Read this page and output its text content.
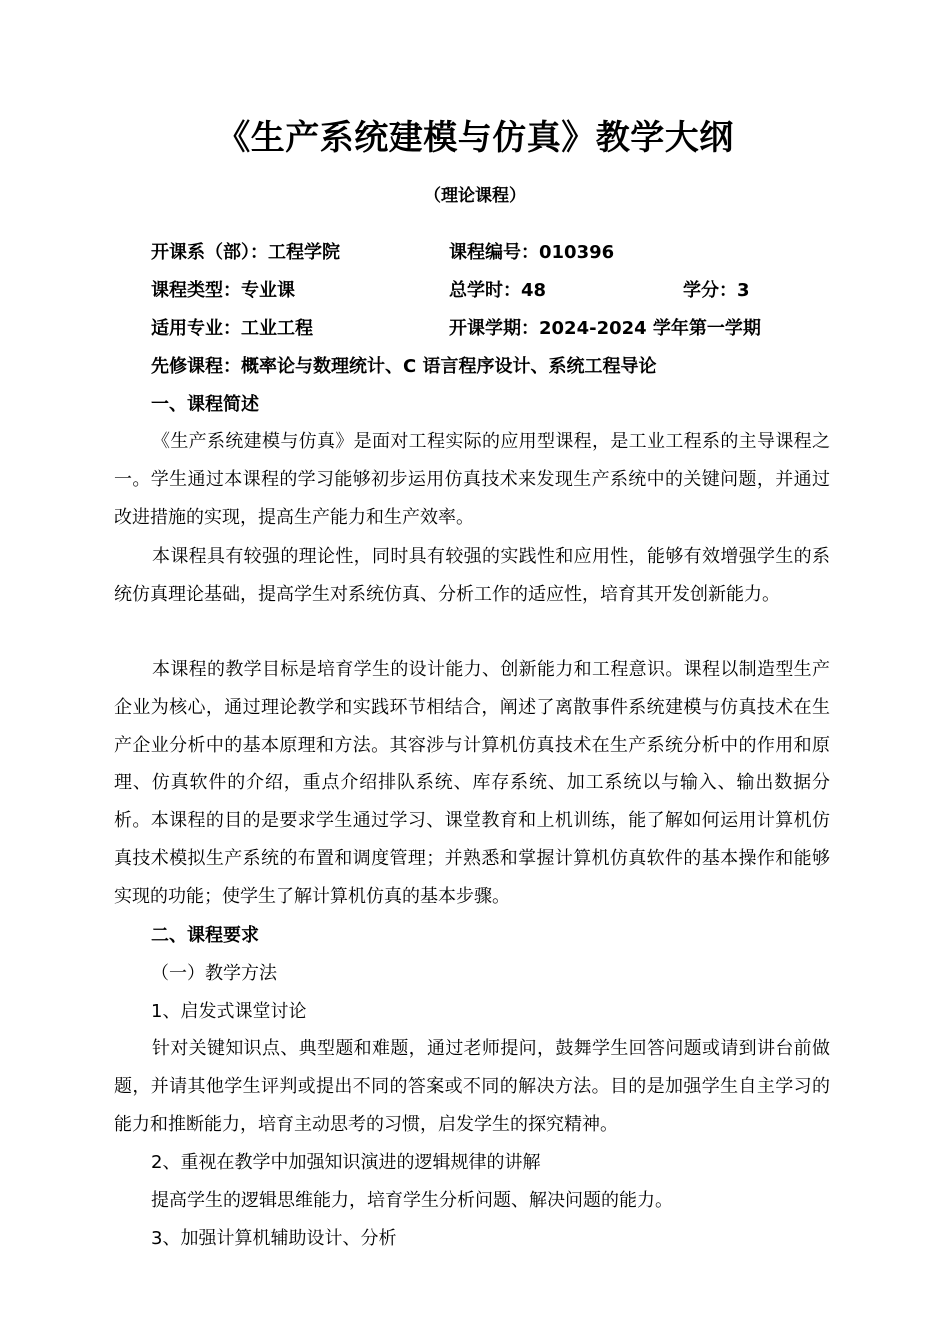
《生产系统建模与仿真》教学大纲
（理论课程）
开课系（部）：工程学院	课程编号：010396
课程类型：专业课	总学时：48	学分：3
适用专业：工业工程	开课学期：2024-2024 学年第一学期
先修课程：概率论与数理统计、C 语言程序设计、系统工程导论
一、课程简述

《生产系统建模与仿真》是面对工程实际的应用型课程，是工业工程系的主导课程之一。学生通过本课程的学习能够初步运用仿真技术来发现生产系统中的关键问题，并通过改进措施的实现，提高生产能力和生产效率。

本课程具有较强的理论性，同时具有较强的实践性和应用性，能够有效增强学生的系统仿真理论基础，提高学生对系统仿真、分析工作的适应性，培育其开发创新能力。

本课程的教学目标是培育学生的设计能力、创新能力和工程意识。课程以制造型生产企业为核心，通过理论教学和实践环节相结合，阐述了离散事件系统建模与仿真技术在生产企业分析中的基本原理和方法。其容涉与计算机仿真技术在生产系统分析中的作用和原理、仿真软件的介绍，重点介绍排队系统、库存系统、加工系统以与输入、输出数据分析。本课程的目的是要求学生通过学习、课堂教育和上机训练，能了解如何运用计算机仿真技术模拟生产系统的布置和调度管理；并熟悉和掌握计算机仿真软件的基本操作和能够实现的功能；使学生了解计算机仿真的基本步骤。

二、课程要求
（一）教学方法
1、启发式课堂讨论

针对关键知识点、典型题和难题，通过老师提问，鼓舞学生回答问题或请到讲台前做题，并请其他学生评判或提出不同的答案或不同的解决方法。目的是加强学生自主学习的能力和推断能力，培育主动思考的习惯，启发学生的探究精神。

2、重视在教学中加强知识演进的逻辑规律的讲解
提高学生的逻辑思维能力，培育学生分析问题、解决问题的能力。
3、加强计算机辅助设计、分析
